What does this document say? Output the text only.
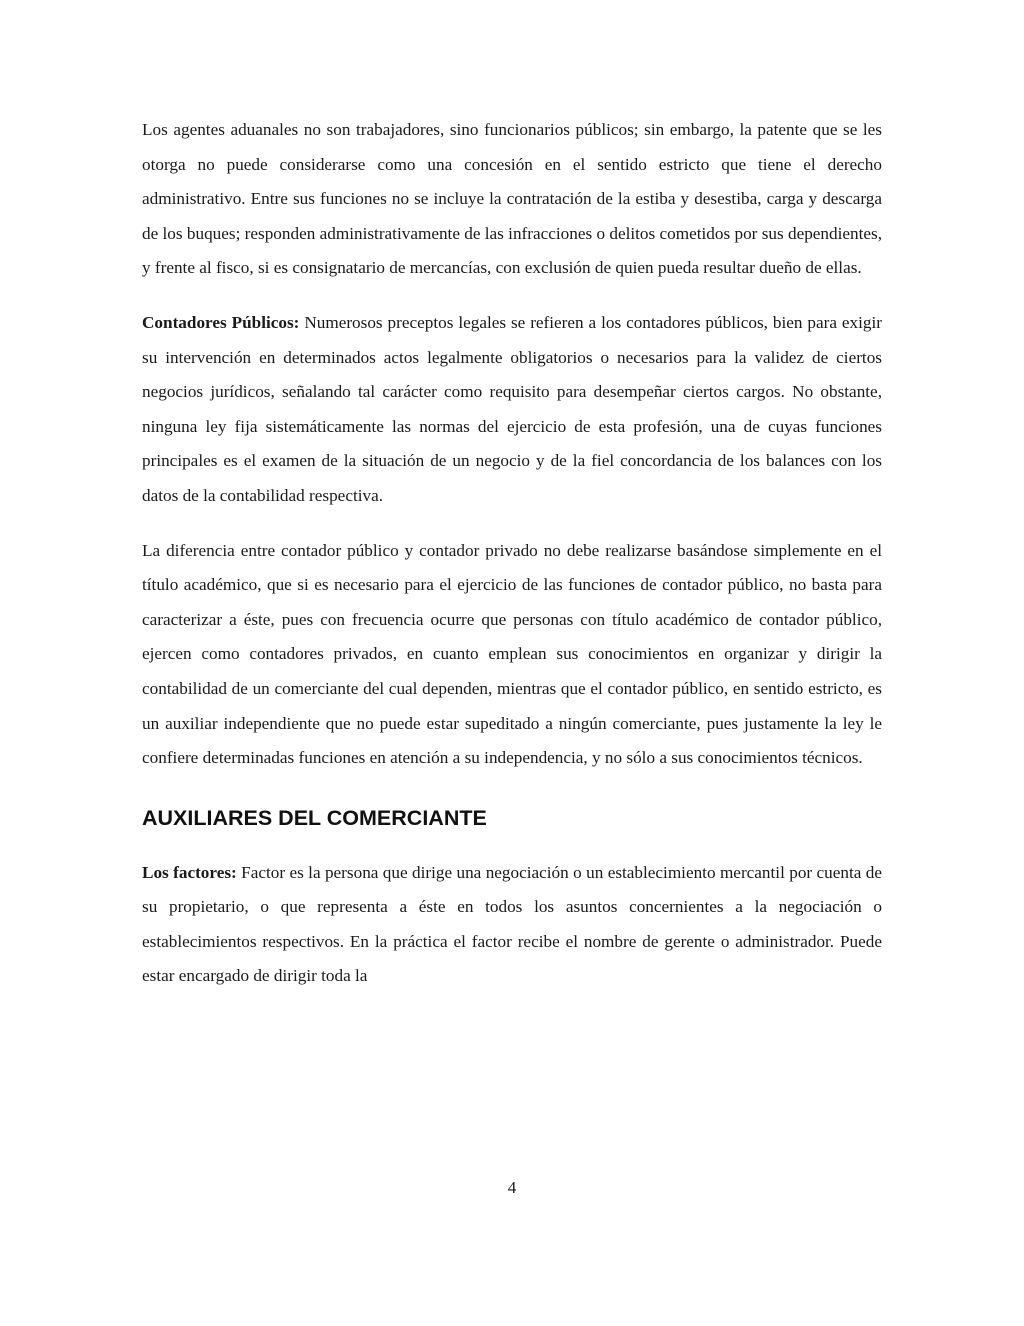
Los agentes aduanales no son trabajadores, sino funcionarios públicos; sin embargo, la patente que se les otorga no puede considerarse como una concesión en el sentido estricto que tiene el derecho administrativo. Entre sus funciones no se incluye la contratación de la estiba y desestiba, carga y descarga de los buques; responden administrativamente de las infracciones o delitos cometidos por sus dependientes, y frente al fisco, si es consignatario de mercancías, con exclusión de quien pueda resultar dueño de ellas.

Contadores Públicos: Numerosos preceptos legales se refieren a los contadores públicos, bien para exigir su intervención en determinados actos legalmente obligatorios o necesarios para la validez de ciertos negocios jurídicos, señalando tal carácter como requisito para desempeñar ciertos cargos. No obstante, ninguna ley fija sistemáticamente las normas del ejercicio de esta profesión, una de cuyas funciones principales es el examen de la situación de un negocio y de la fiel concordancia de los balances con los datos de la contabilidad respectiva.

La diferencia entre contador público y contador privado no debe realizarse basándose simplemente en el título académico, que si es necesario para el ejercicio de las funciones de contador público, no basta para caracterizar a éste, pues con frecuencia ocurre que personas con título académico de contador público, ejercen como contadores privados, en cuanto emplean sus conocimientos en organizar y dirigir la contabilidad de un comerciante del cual dependen, mientras que el contador público, en sentido estricto, es un auxiliar independiente que no puede estar supeditado a ningún comerciante, pues justamente la ley le confiere determinadas funciones en atención a su independencia, y no sólo a sus conocimientos técnicos.

AUXILIARES DEL COMERCIANTE

Los factores: Factor es la persona que dirige una negociación o un establecimiento mercantil por cuenta de su propietario, o que representa a éste en todos los asuntos concernientes a la negociación o establecimientos respectivos. En la práctica el factor recibe el nombre de gerente o administrador. Puede estar encargado de dirigir toda la

4
